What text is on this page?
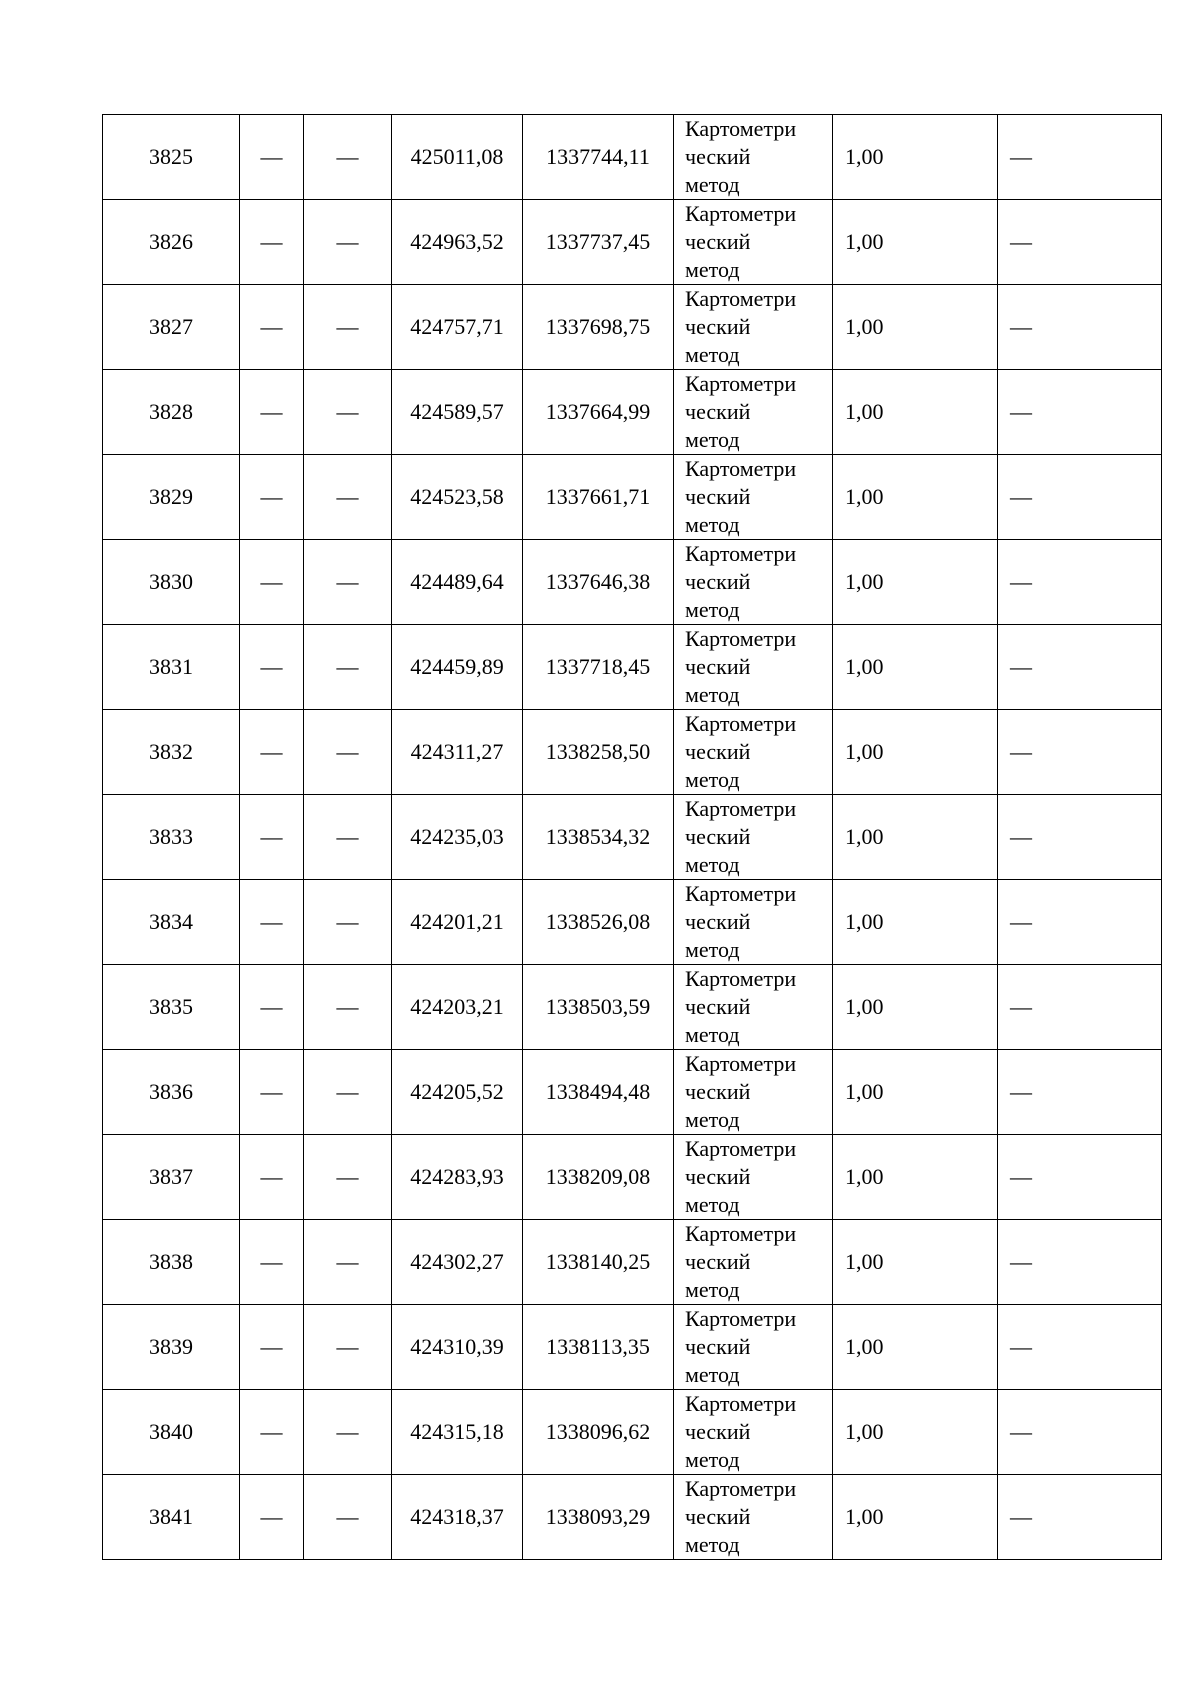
3825	—	—	425011,08	1337744,11	Картометри
ческий
метод	1,00	—
3826	—	—	424963,52	1337737,45	Картометри
ческий
метод	1,00	—
3827	—	—	424757,71	1337698,75	Картометри
ческий
метод	1,00	—
3828	—	—	424589,57	1337664,99	Картометри
ческий
метод	1,00	—
3829	—	—	424523,58	1337661,71	Картометри
ческий
метод	1,00	—
3830	—	—	424489,64	1337646,38	Картометри
ческий
метод	1,00	—
3831	—	—	424459,89	1337718,45	Картометри
ческий
метод	1,00	—
3832	—	—	424311,27	1338258,50	Картометри
ческий
метод	1,00	—
3833	—	—	424235,03	1338534,32	Картометри
ческий
метод	1,00	—
3834	—	—	424201,21	1338526,08	Картометри
ческий
метод	1,00	—
3835	—	—	424203,21	1338503,59	Картометри
ческий
метод	1,00	—
3836	—	—	424205,52	1338494,48	Картометри
ческий
метод	1,00	—
3837	—	—	424283,93	1338209,08	Картометри
ческий
метод	1,00	—
3838	—	—	424302,27	1338140,25	Картометри
ческий
метод	1,00	—
3839	—	—	424310,39	1338113,35	Картометри
ческий
метод	1,00	—
3840	—	—	424315,18	1338096,62	Картометри
ческий
метод	1,00	—
3841	—	—	424318,37	1338093,29	Картометри
ческий
метод	1,00	—
